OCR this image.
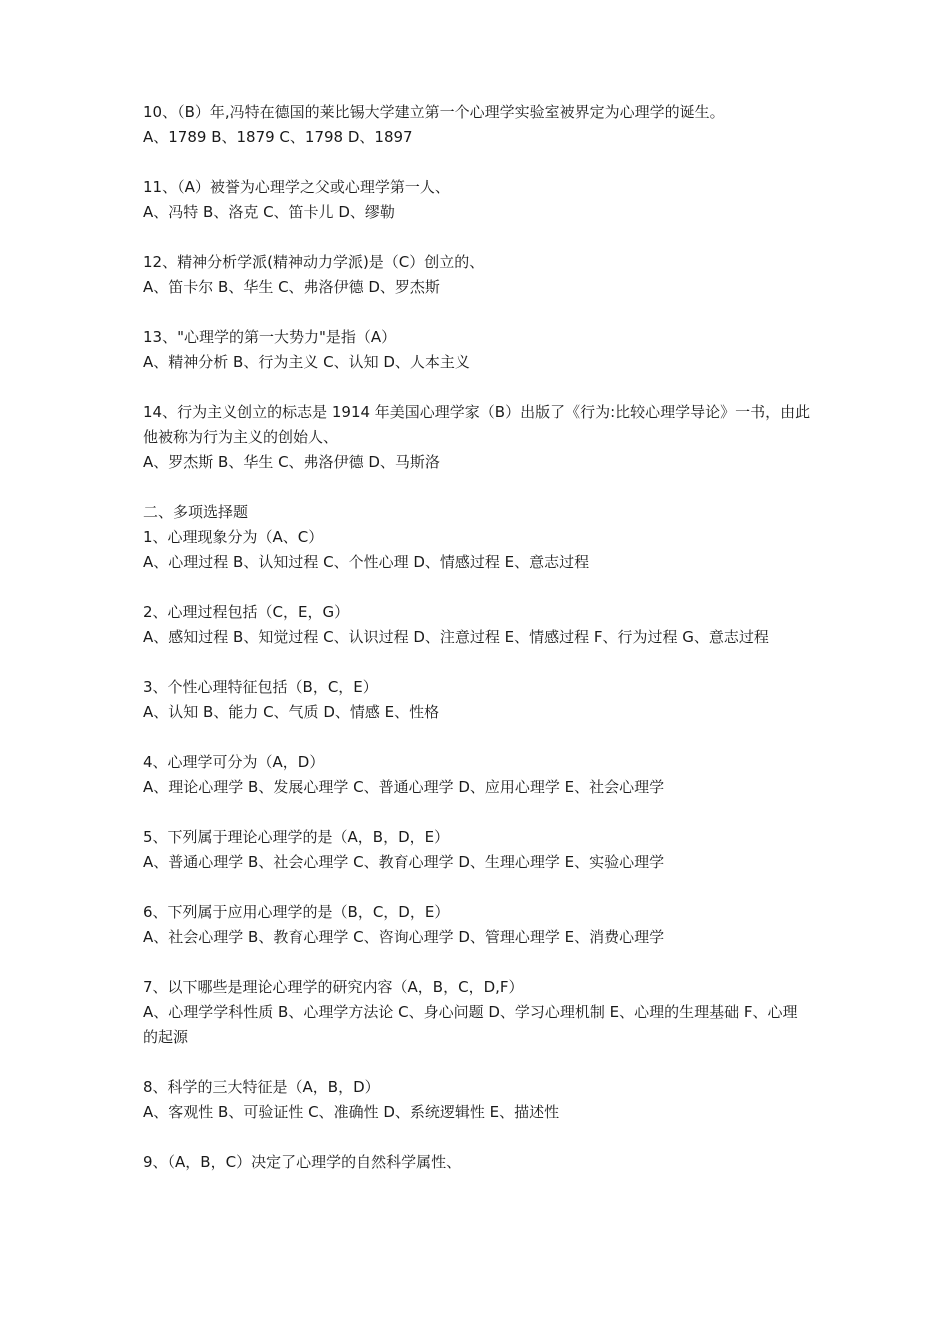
10、（B）年,冯特在德国的莱比锡大学建立第一个心理学实验室被界定为心理学的诞生。
A、1789 B、1879 C、1798 D、1897
11、（A）被誉为心理学之父或心理学第一人、
A、冯特 B、洛克 C、笛卡儿 D、缪勒
12、精神分析学派(精神动力学派)是（C）创立的、
A、笛卡尔 B、华生 C、弗洛伊德 D、罗杰斯
13、"心理学的第一大势力"是指（A）
A、精神分析 B、行为主义 C、认知 D、人本主义
14、行为主义创立的标志是 1914 年美国心理学家（B）出版了《行为:比较心理学导论》一书，由此他被称为行为主义的创始人、
A、罗杰斯 B、华生 C、弗洛伊德 D、马斯洛
二、多项选择题
1、心理现象分为（A、C）
A、心理过程 B、认知过程 C、个性心理 D、情感过程 E、意志过程
2、心理过程包括（C，E，G）
A、感知过程 B、知觉过程 C、认识过程 D、注意过程 E、情感过程 F、行为过程 G、意志过程
3、个性心理特征包括（B，C，E）
A、认知 B、能力 C、气质 D、情感 E、性格
4、心理学可分为（A，D）
A、理论心理学 B、发展心理学 C、普通心理学 D、应用心理学 E、社会心理学
5、下列属于理论心理学的是（A，B，D，E）
A、普通心理学 B、社会心理学 C、教育心理学 D、生理心理学 E、实验心理学
6、下列属于应用心理学的是（B，C，D，E）
A、社会心理学 B、教育心理学 C、咨询心理学 D、管理心理学 E、消费心理学
7、以下哪些是理论心理学的研究内容（A，B，C，D,F）
A、心理学学科性质 B、心理学方法论 C、身心问题 D、学习心理机制 E、心理的生理基础 F、心理的起源
8、科学的三大特征是（A，B，D）
A、客观性 B、可验证性 C、准确性 D、系统逻辑性 E、描述性
9、（A，B，C）决定了心理学的自然科学属性、
